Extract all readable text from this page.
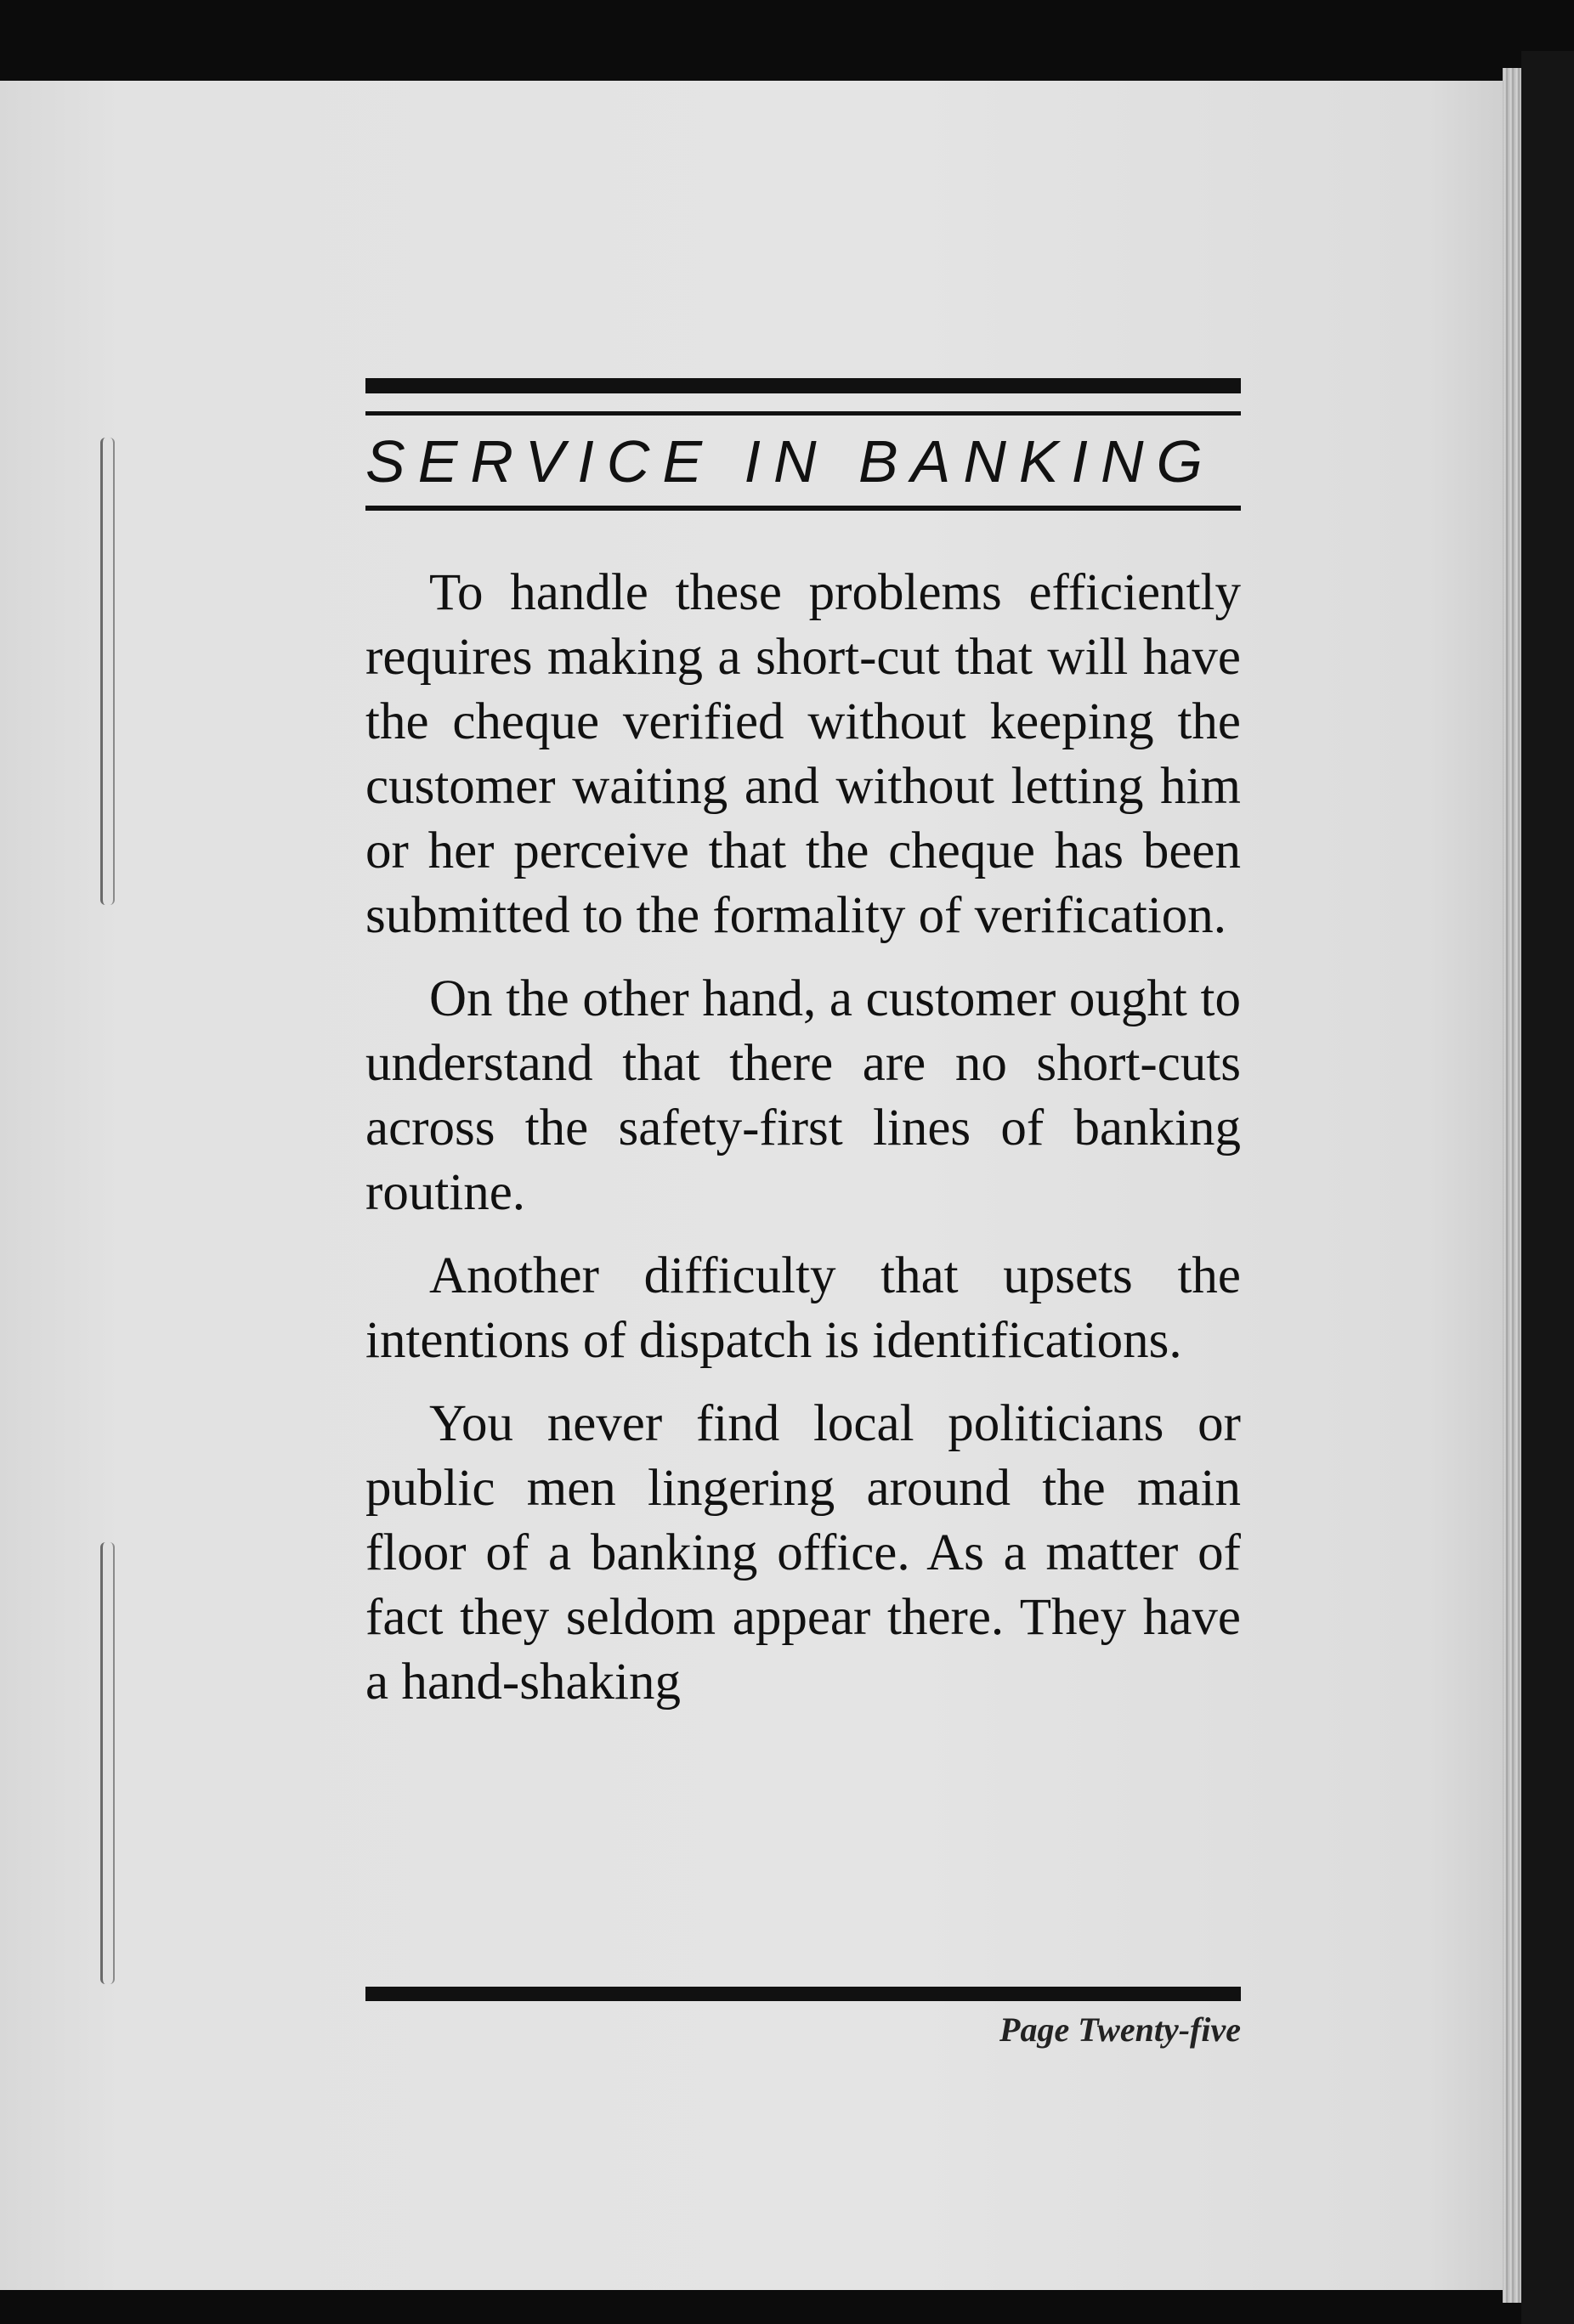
SERVICE IN BANKING

To handle these problems efficiently requires making a short-cut that will have the cheque verified without keeping the customer waiting and without letting him or her perceive that the cheque has been submitted to the formality of verification.

On the other hand, a customer ought to understand that there are no short-cuts across the safety-first lines of banking routine.

Another difficulty that upsets the intentions of dispatch is identifications.

You never find local politicians or public men lingering around the main floor of a banking office. As a matter of fact they seldom appear there. They have a hand-shaking

Page Twenty-five
